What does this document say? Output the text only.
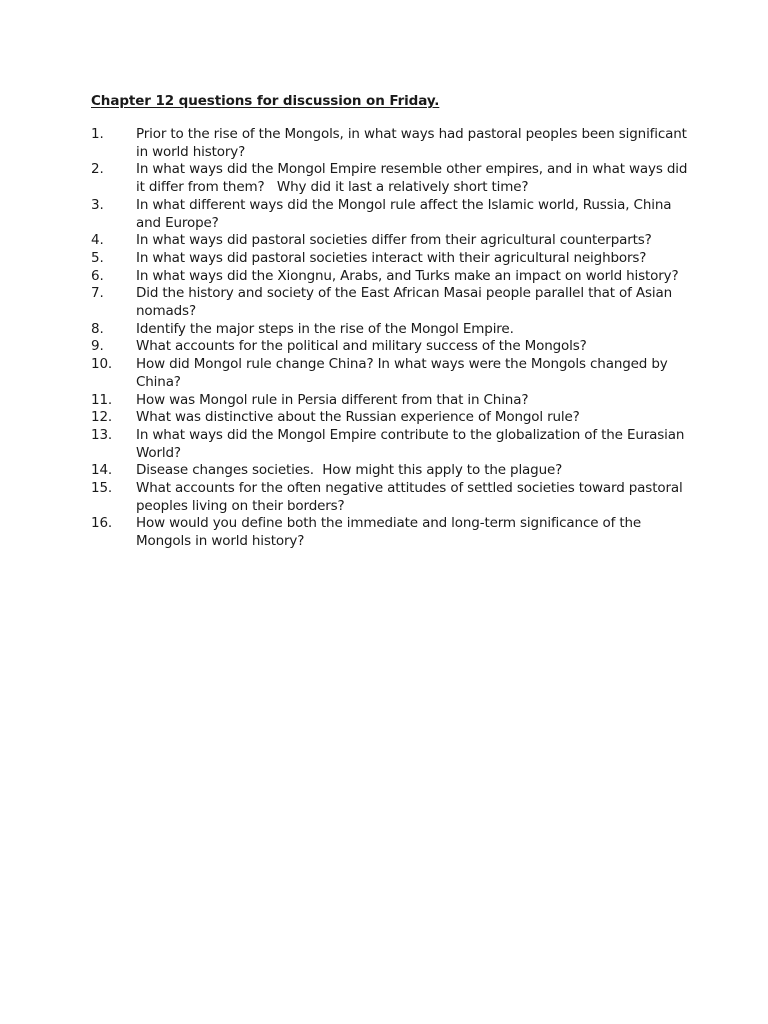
Chapter 12 questions for discussion on Friday.
1.	Prior to the rise of the Mongols, in what ways had pastoral peoples been significant in world history?
2.	In what ways did the Mongol Empire resemble other empires, and in what ways did it differ from them?   Why did it last a relatively short time?
3.	In what different ways did the Mongol rule affect the Islamic world, Russia, China and Europe?
4.	In what ways did pastoral societies differ from their agricultural counterparts?
5.	In what ways did pastoral societies interact with their agricultural neighbors?
6.	In what ways did the Xiongnu, Arabs, and Turks make an impact on world history?
7.	Did the history and society of the East African Masai people parallel that of Asian nomads?
8.	Identify the major steps in the rise of the Mongol Empire.
9.	What accounts for the political and military success of the Mongols?
10.	How did Mongol rule change China? In what ways were the Mongols changed by China?
11.	How was Mongol rule in Persia different from that in China?
12.	What was distinctive about the Russian experience of Mongol rule?
13.	In what ways did the Mongol Empire contribute to the globalization of the Eurasian World?
14.	Disease changes societies.  How might this apply to the plague?
15.	What accounts for the often negative attitudes of settled societies toward pastoral peoples living on their borders?
16.	How would you define both the immediate and long-term significance of the Mongols in world history?
